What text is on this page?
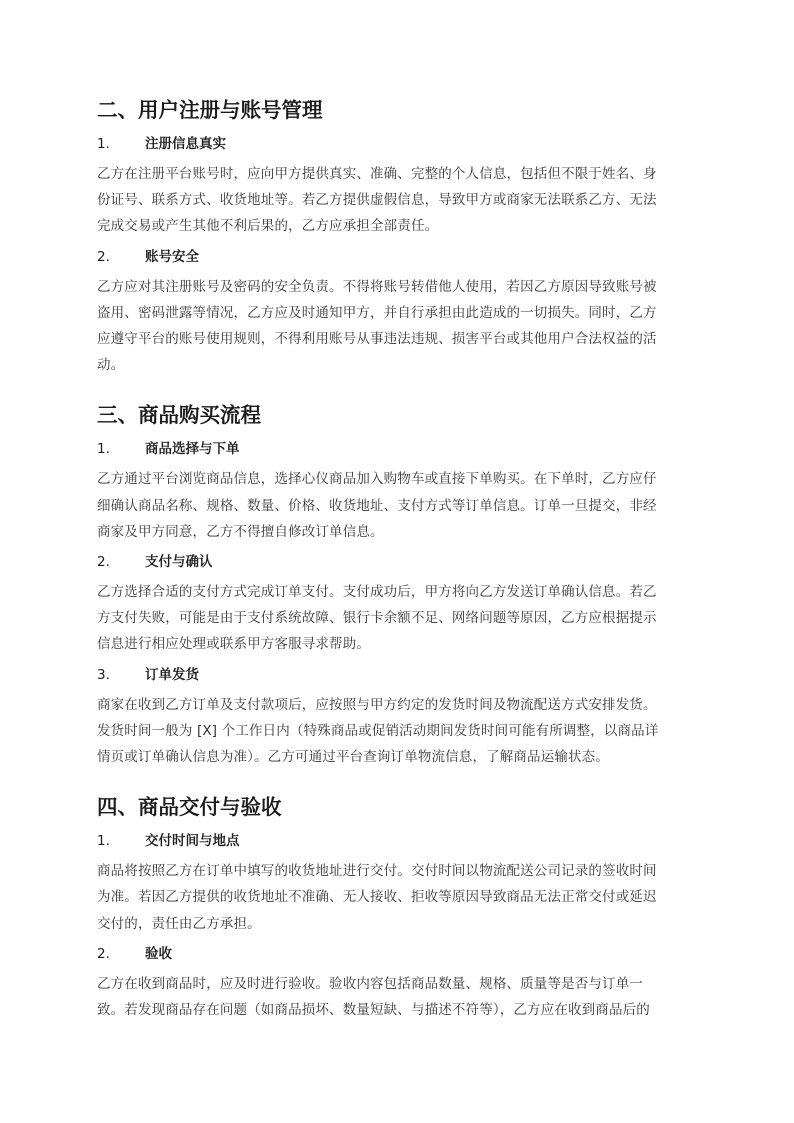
二、用户注册与账号管理
1.	注册信息真实
乙方在注册平台账号时，应向甲方提供真实、准确、完整的个人信息，包括但不限于姓名、身
份证号、联系方式、收货地址等。若乙方提供虚假信息，导致甲方或商家无法联系乙方、无法
完成交易或产生其他不利后果的，乙方应承担全部责任。
2.	账号安全
乙方应对其注册账号及密码的安全负责。不得将账号转借他人使用，若因乙方原因导致账号被
盗用、密码泄露等情况，乙方应及时通知甲方，并自行承担由此造成的一切损失。同时，乙方
应遵守平台的账号使用规则，不得利用账号从事违法违规、损害平台或其他用户合法权益的活
动。
三、商品购买流程
1.	商品选择与下单
乙方通过平台浏览商品信息，选择心仪商品加入购物车或直接下单购买。在下单时，乙方应仔
细确认商品名称、规格、数量、价格、收货地址、支付方式等订单信息。订单一旦提交，非经
商家及甲方同意，乙方不得擅自修改订单信息。
2.	支付与确认
乙方选择合适的支付方式完成订单支付。支付成功后，甲方将向乙方发送订单确认信息。若乙
方支付失败，可能是由于支付系统故障、银行卡余额不足、网络问题等原因，乙方应根据提示
信息进行相应处理或联系甲方客服寻求帮助。
3.	订单发货
商家在收到乙方订单及支付款项后，应按照与甲方约定的发货时间及物流配送方式安排发货。
发货时间一般为 [X] 个工作日内（特殊商品或促销活动期间发货时间可能有所调整，以商品详
情页或订单确认信息为准）。乙方可通过平台查询订单物流信息，了解商品运输状态。
四、商品交付与验收
1.	交付时间与地点
商品将按照乙方在订单中填写的收货地址进行交付。交付时间以物流配送公司记录的签收时间
为准。若因乙方提供的收货地址不准确、无人接收、拒收等原因导致商品无法正常交付或延迟
交付的，责任由乙方承担。
2.	验收
乙方在收到商品时，应及时进行验收。验收内容包括商品数量、规格、质量等是否与订单一
致。若发现商品存在问题（如商品损坏、数量短缺、与描述不符等），乙方应在收到商品后的
